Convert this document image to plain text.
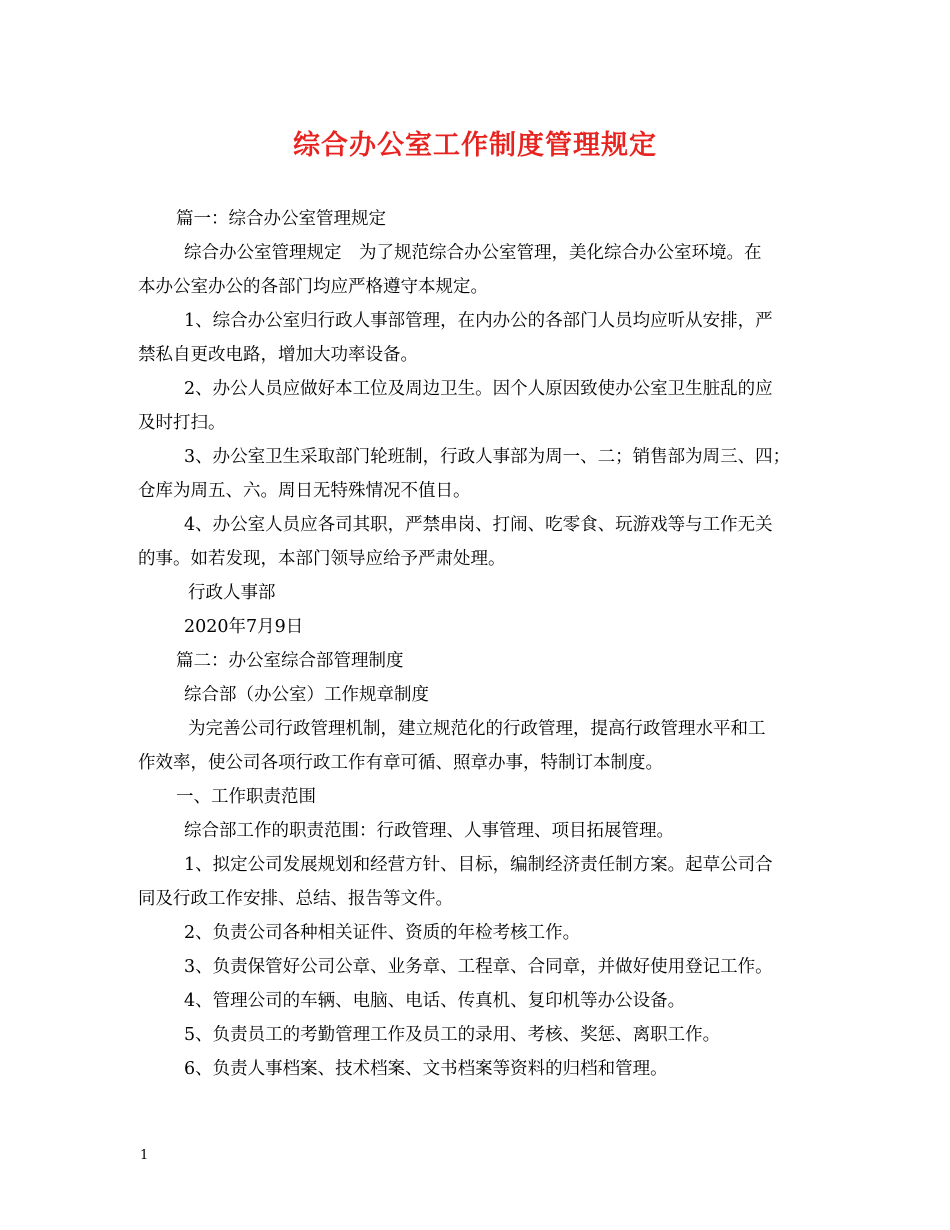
综合办公室工作制度管理规定

篇一：综合办公室管理规定

综合办公室管理规定　为了规范综合办公室管理，美化综合办公室环境。在

本办公室办公的各部门均应严格遵守本规定。

1、综合办公室归行政人事部管理，在内办公的各部门人员均应听从安排，严

禁私自更改电路，增加大功率设备。

2、办公人员应做好本工位及周边卫生。因个人原因致使办公室卫生脏乱的应

及时打扫。

3、办公室卫生采取部门轮班制，行政人事部为周一、二；销售部为周三、四；

仓库为周五、六。周日无特殊情况不值日。

4、办公室人员应各司其职，严禁串岗、打闹、吃零食、玩游戏等与工作无关

的事。如若发现，本部门领导应给予严肃处理。

行政人事部

2020年7月9日

篇二：办公室综合部管理制度

综合部（办公室）工作规章制度

为完善公司行政管理机制，建立规范化的行政管理，提高行政管理水平和工

作效率，使公司各项行政工作有章可循、照章办事，特制订本制度。

一、工作职责范围

综合部工作的职责范围：行政管理、人事管理、项目拓展管理。

1、拟定公司发展规划和经营方针、目标，编制经济责任制方案。起草公司合

同及行政工作安排、总结、报告等文件。

2、负责公司各种相关证件、资质的年检考核工作。

3、负责保管好公司公章、业务章、工程章、合同章，并做好使用登记工作。

4、管理公司的车辆、电脑、电话、传真机、复印机等办公设备。

5、负责员工的考勤管理工作及员工的录用、考核、奖惩、离职工作。

6、负责人事档案、技术档案、文书档案等资料的归档和管理。

1
